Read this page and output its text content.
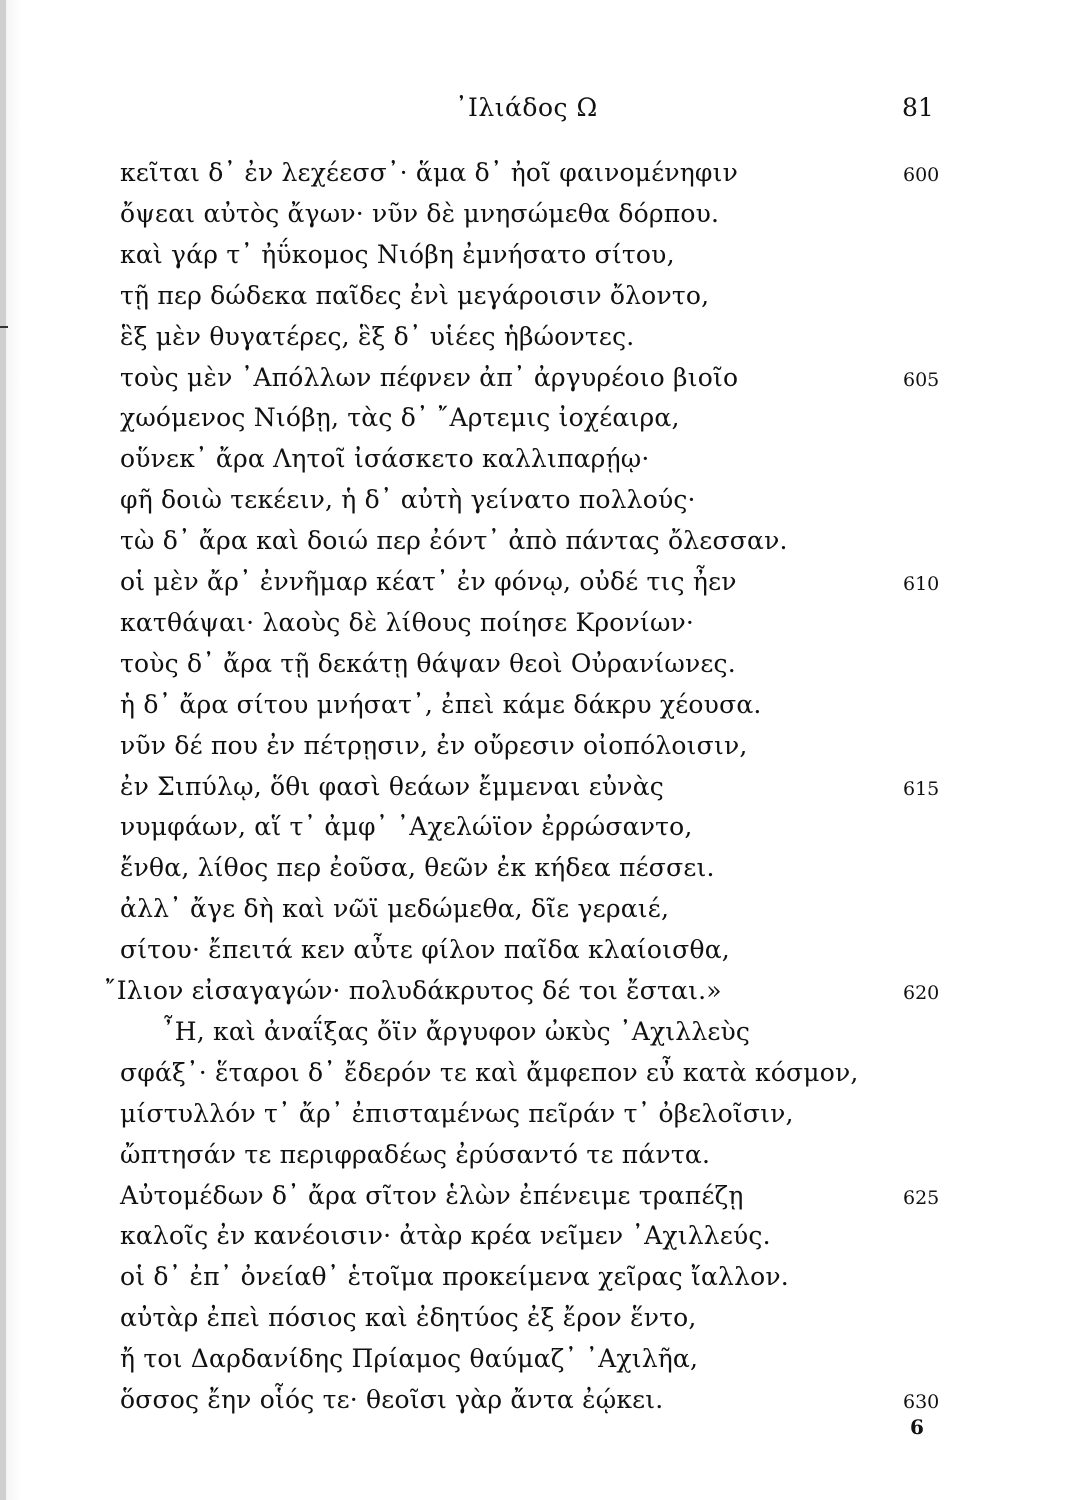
᾽Ιλιάδος Ω	81
κεῖται δ᾽ ἐν λεχέεσσ᾽· ἅμα δ᾽ ἠοῖ φαινομένηφιν	600
ὄψεαι αὐτὸς ἄγων· νῦν δὲ μνησώμεθα δόρπου.
καὶ γάρ τ᾽ ἠΰκομος Νιόβη ἐμνήσατο σίτου,
τῇ περ δώδεκα παῖδες ἐνὶ μεγάροισιν ὄλοντο,
ἓξ μὲν θυγατέρες, ἓξ δ᾽ υἱέες ἡβώοντες.
τοὺς μὲν ᾽Απόλλων πέφνεν ἀπ᾽ ἀργυρέοιο βιοῖο	605
χωόμενος Νιόβῃ, τὰς δ᾽ ῎Αρτεμις ἰοχέαιρα,
οὕνεκ᾽ ἄρα Λητοῖ ἰσάσκετο καλλιπαρῄῳ·
φῆ δοιὼ τεκέειν, ἡ δ᾽ αὐτὴ γείνατο πολλούς·
τὼ δ᾽ ἄρα καὶ δοιώ περ ἐόντ᾽ ἀπὸ πάντας ὄλεσσαν.
οἱ μὲν ἄρ᾽ ἐννῆμαρ κέατ᾽ ἐν φόνῳ, οὐδέ τις ἦεν	610
κατθάψαι· λαοὺς δὲ λίθους ποίησε Κρονίων·
τοὺς δ᾽ ἄρα τῇ δεκάτῃ θάψαν θεοὶ Οὐρανίωνες.
ἡ δ᾽ ἄρα σίτου μνήσατ᾽, ἐπεὶ κάμε δάκρυ χέουσα.
νῦν δέ που ἐν πέτρῃσιν, ἐν οὔρεσιν οἰοπόλοισιν,
ἐν Σιπύλῳ, ὅθι φασὶ θεάων ἔμμεναι εὐνὰς	615
νυμφάων, αἵ τ᾽ ἀμφ᾽ ᾽Αχελώϊον ἐρρώσαντο,
ἔνθα, λίθος περ ἐοῦσα, θεῶν ἐκ κήδεα πέσσει.
ἀλλ᾽ ἄγε δὴ καὶ νῶϊ μεδώμεθα, δῖε γεραιέ,
σίτου· ἔπειτά κεν αὖτε φίλον παῖδα κλαίοισθα,
῎Ιλιον εἰσαγαγών· πολυδάκρυτος δέ τοι ἔσται.»	620
῏Η, καὶ ἀναΐξας ὄϊν ἄργυφον ὠκὺς ᾽Αχιλλεὺς
σφάξ᾽· ἕταροι δ᾽ ἔδερόν τε καὶ ἄμφεπον εὖ κατὰ κόσμον,
μίστυλλόν τ᾽ ἄρ᾽ ἐπισταμένως πεῖράν τ᾽ ὀβελοῖσιν,
ὤπτησάν τε περιφραδέως ἐρύσαντό τε πάντα.
Αὐτομέδων δ᾽ ἄρα σῖτον ἑλὼν ἐπένειμε τραπέζῃ	625
καλοῖς ἐν κανέοισιν· ἀτὰρ κρέα νεῖμεν ᾽Αχιλλεύς.
οἱ δ᾽ ἐπ᾽ ὀνείαθ᾽ ἑτοῖμα προκείμενα χεῖρας ἴαλλον.
αὐτὰρ ἐπεὶ πόσιος καὶ ἐδητύος ἐξ ἔρον ἕντο,
ἤ τοι Δαρδανίδης Πρίαμος θαύμαζ᾽ ᾽Αχιλῆα,
ὅσσος ἔην οἷός τε· θεοῖσι γὰρ ἄντα ἐῴκει.	630
6
